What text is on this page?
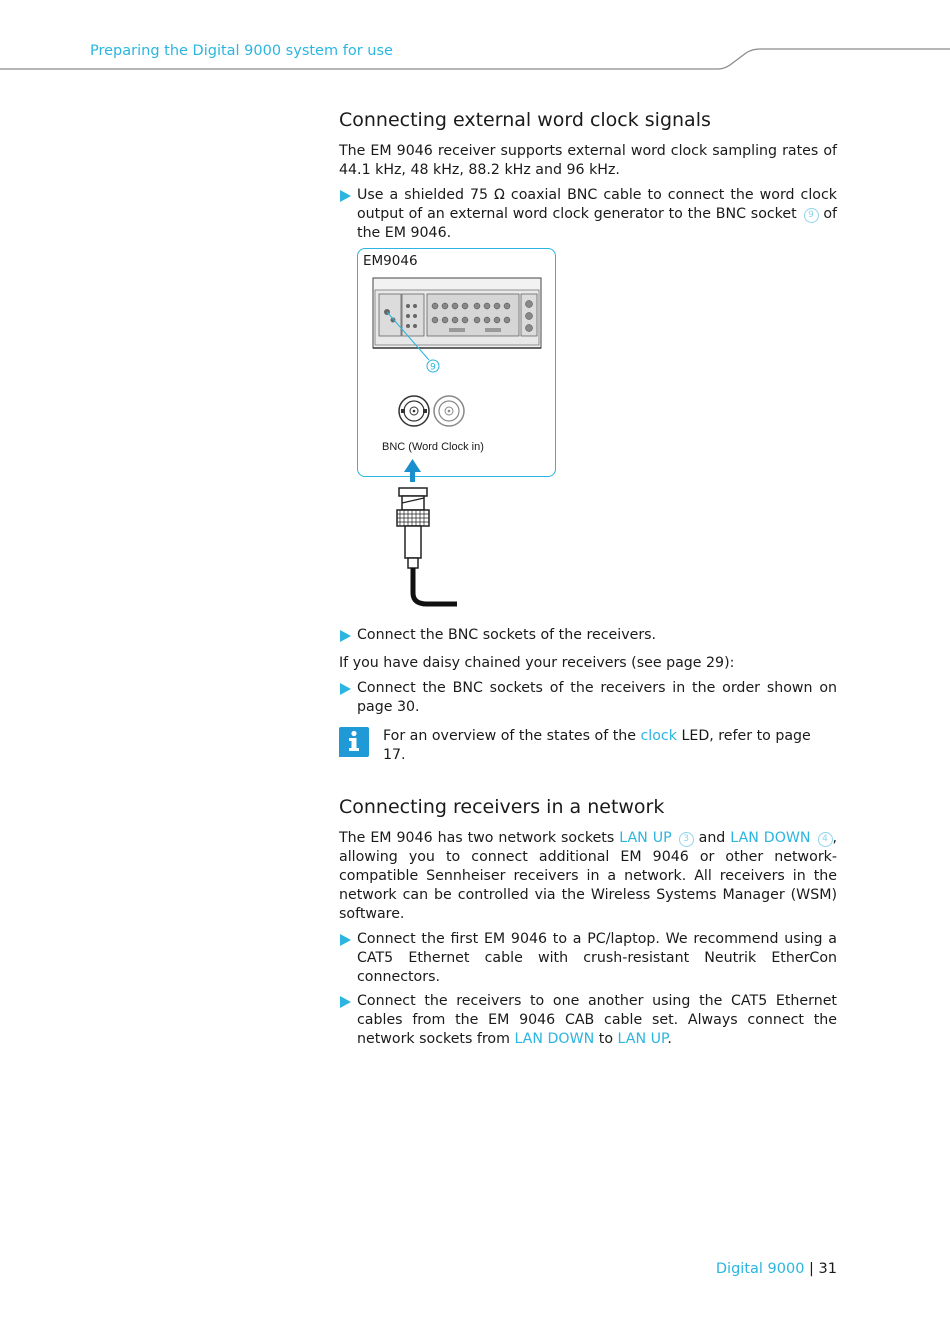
Preparing the Digital 9000 system for use
Connecting external word clock signals

The EM 9046 receiver supports external word clock sampling rates of 44.1 kHz, 48 kHz, 88.2 kHz and 96 kHz.

Use a shielded 75 Ω coaxial BNC cable to connect the word clock output of an external word clock generator to the BNC socket 9 of the EM 9046.
EM9046
9
BNC (Word Clock in)
Connect the BNC sockets of the receivers.

If you have daisy chained your receivers (see page 29):

Connect the BNC sockets of the receivers in the order shown on page 30.
For an overview of the states of the clock LED, refer to page 17.
Connecting receivers in a network

The EM 9046 has two network sockets LAN UP 3 and LAN DOWN 4 , allowing you to connect additional EM 9046 or other network-compatible Sennheiser receivers in a network. All receivers in the network can be controlled via the Wireless Systems Manager (WSM) software.

Connect the first EM 9046 to a PC/laptop. We recommend using a CAT5 Ethernet cable with crush-resistant Neutrik EtherCon connectors.
Connect the receivers to one another using the CAT5 Ethernet cables from the EM 9046 CAB cable set. Always connect the network sockets from LAN DOWN to LAN UP.
Digital 9000 | 31
